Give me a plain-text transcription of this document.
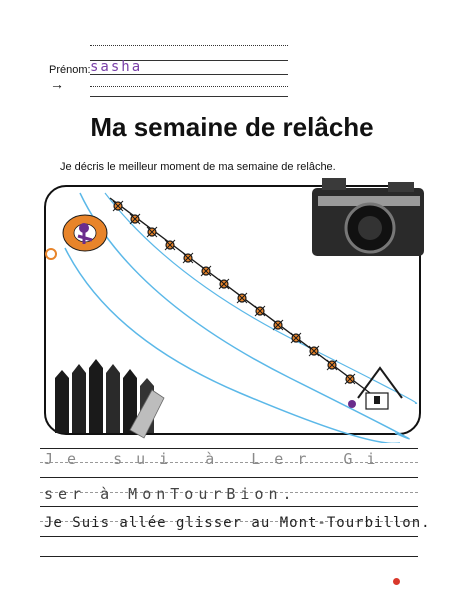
Prénom: sasha
→
Ma semaine de relâche
Je décris le meilleur moment de ma semaine de relâche.
Je sui à Ler Gi
ser à MonTourBion.
Je Suis allée glisser au Mont-Tourbillon.
